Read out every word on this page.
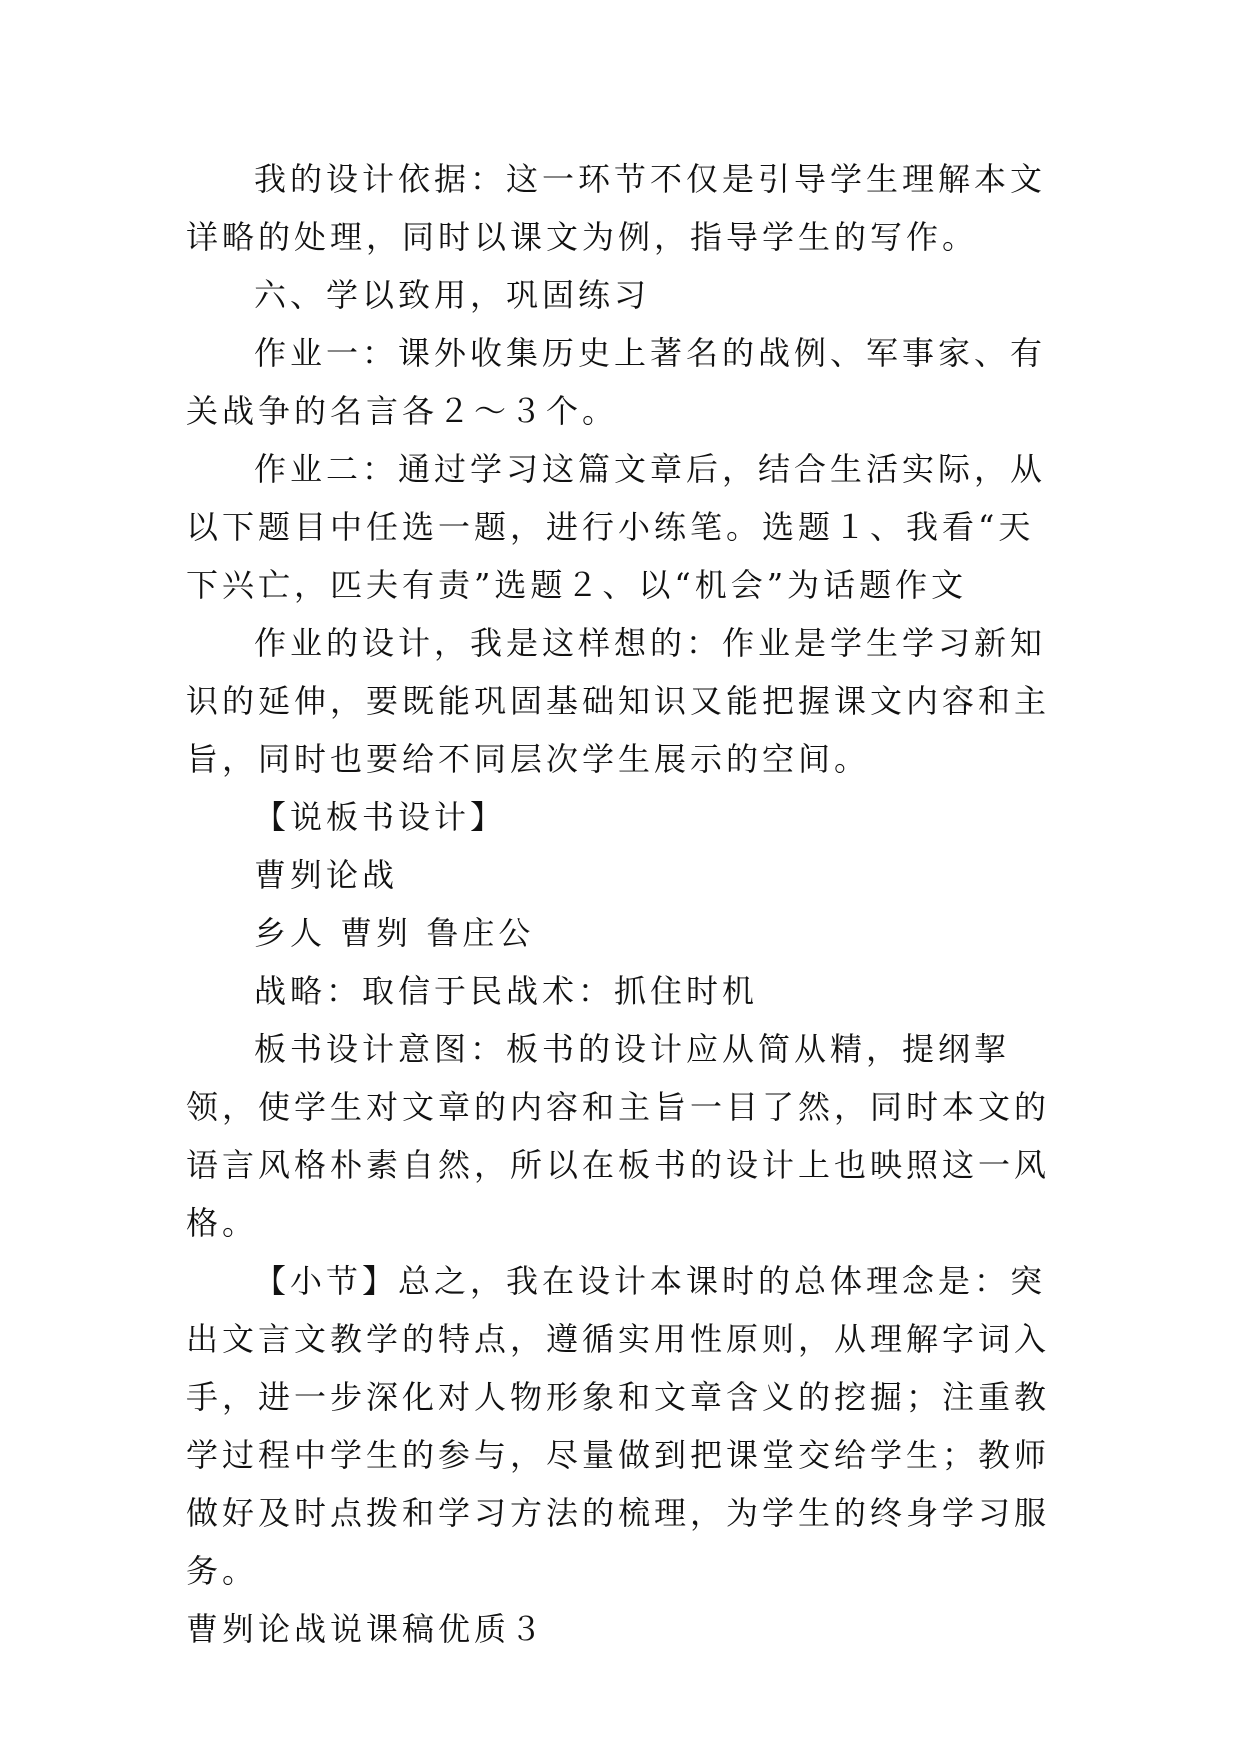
我的设计依据：这一环节不仅是引导学生理解本文详略的处理，同时以课文为例，指导学生的写作。

六、学以致用，巩固练习

作业一：课外收集历史上著名的战例、军事家、有关战争的名言各２～３个。

作业二：通过学习这篇文章后，结合生活实际，从以下题目中任选一题，进行小练笔。选题１、我看“天下兴亡，匹夫有责”选题２、以“机会”为话题作文

作业的设计，我是这样想的：作业是学生学习新知识的延伸，要既能巩固基础知识又能把握课文内容和主旨，同时也要给不同层次学生展示的空间。

【说板书设计】

曹刿论战

乡人 曹刿 鲁庄公

战略：取信于民战术：抓住时机

板书设计意图：板书的设计应从简从精，提纲挈领，使学生对文章的内容和主旨一目了然，同时本文的语言风格朴素自然，所以在板书的设计上也映照这一风格。

【小节】总之，我在设计本课时的总体理念是：突出文言文教学的特点，遵循实用性原则，从理解字词入手，进一步深化对人物形象和文章含义的挖掘；注重教学过程中学生的参与，尽量做到把课堂交给学生；教师做好及时点拨和学习方法的梳理，为学生的终身学习服务。

曹刿论战说课稿优质３
